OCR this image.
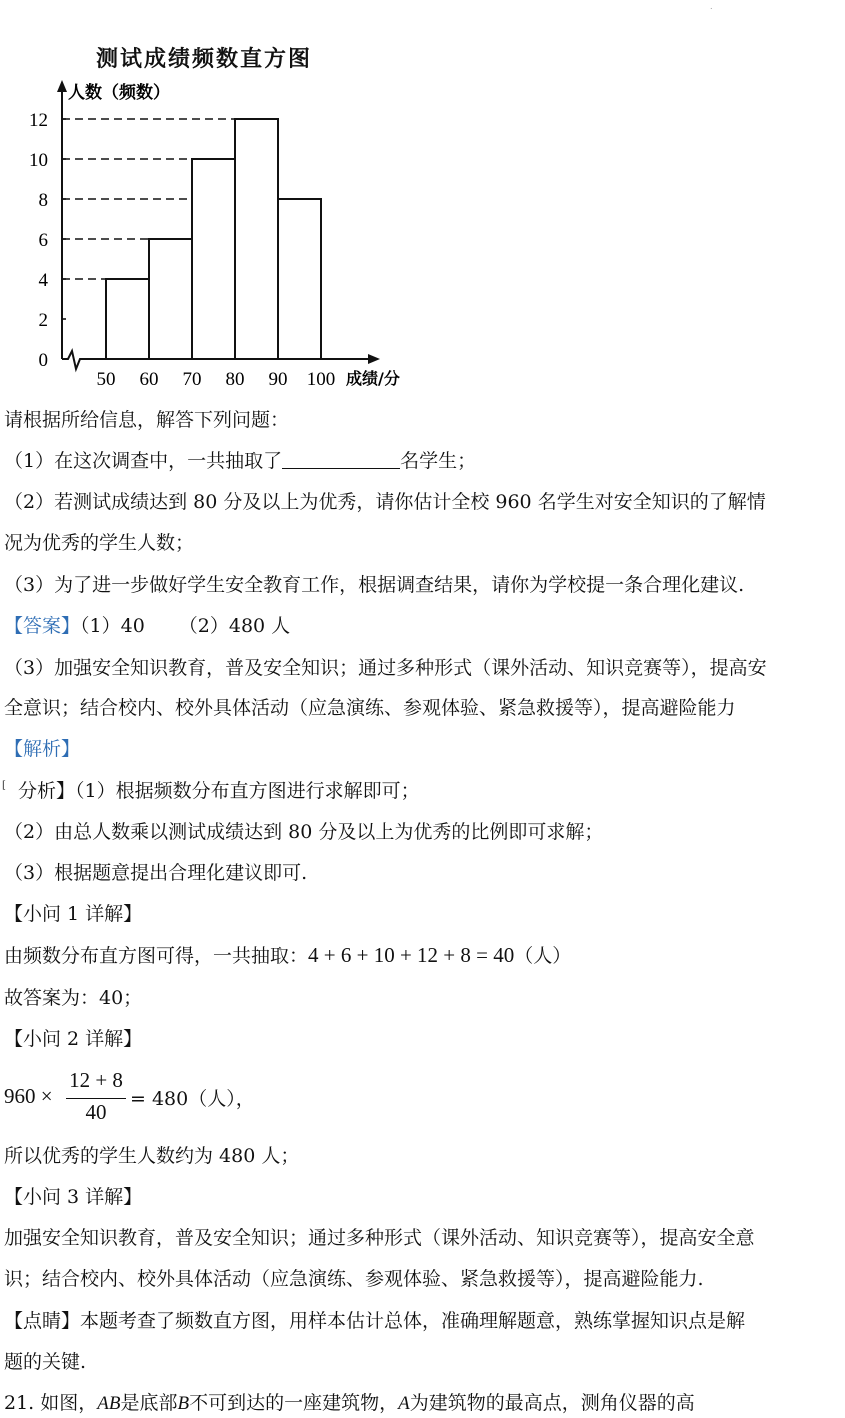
.
测试成绩频数直方图
0
2
4
6
8
10
12
50 60 70 80 90 100
人数（频数）
成绩/分
请根据所给信息，解答下列问题：
（1）在这次调查中，一共抽取了	名学生；
（2）若测试成绩达到 80 分及以上为优秀，请你估计全校 960 名学生对安全知识的了解情
况为优秀的学生人数；
（3）为了进一步做好学生安全教育工作，根据调查结果，请你为学校提一条合理化建议.
【答案】（1）40 （2）480 人
（3）加强安全知识教育，普及安全知识；通过多种形式（课外活动、知识竞赛等），提高安
全意识；结合校内、校外具体活动（应急演练、参观体验、紧急救援等），提高避险能力
【解析】
[ 分析】（1）根据频数分布直方图进行求解即可；
（2）由总人数乘以测试成绩达到 80 分及以上为优秀的比例即可求解；
（3）根据题意提出合理化建议即可.
【小问 1 详解】
由频数分布直方图可得，一共抽取：4 + 6 + 10 + 12 + 8 = 40（人）
故答案为：40；
【小问 2 详解】
960 ×
12 + 8
40
= 480（人），
所以优秀的学生人数约为 480 人；
【小问 3 详解】
加强安全知识教育，普及安全知识；通过多种形式（课外活动、知识竞赛等），提高安全意
识；结合校内、校外具体活动（应急演练、参观体验、紧急救援等），提高避险能力.
【点睛】本题考查了频数直方图，用样本估计总体，准确理解题意，熟练掌握知识点是解
题的关键.
21. 如图，AB是底部B不可到达的一座建筑物，A为建筑物的最高点，测角仪器的高
